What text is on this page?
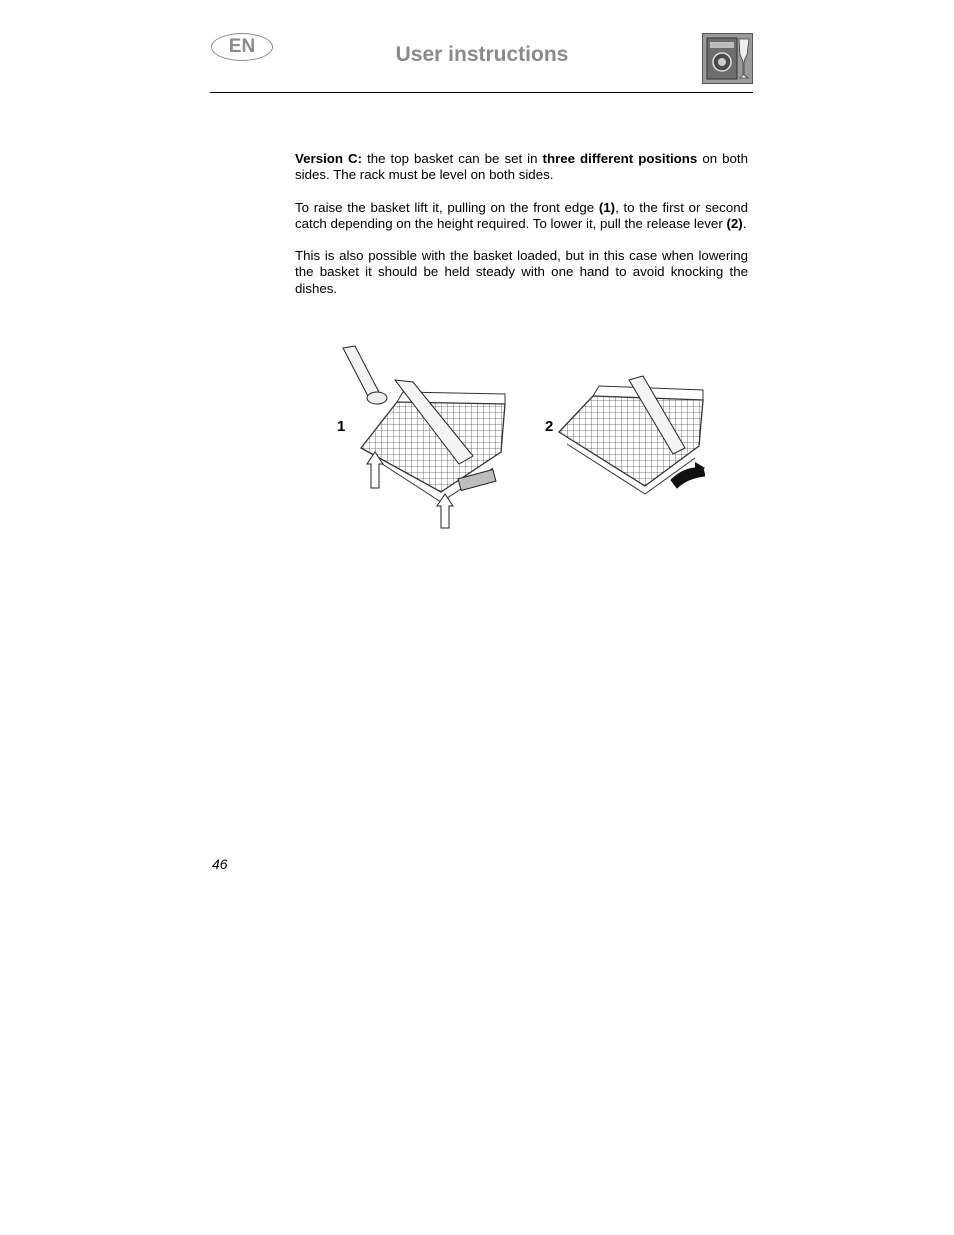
EN	User instructions

Version C: the top basket can be set in three different positions on both sides. The rack must be level on both sides.

To raise the basket lift it, pulling on the front edge (1), to the first or second catch depending on the height required. To lower it, pull the release lever (2).

This is also possible with the basket loaded, but in this case when lowering the basket it should be held steady with one hand to avoid knocking the dishes.

1	2
46
